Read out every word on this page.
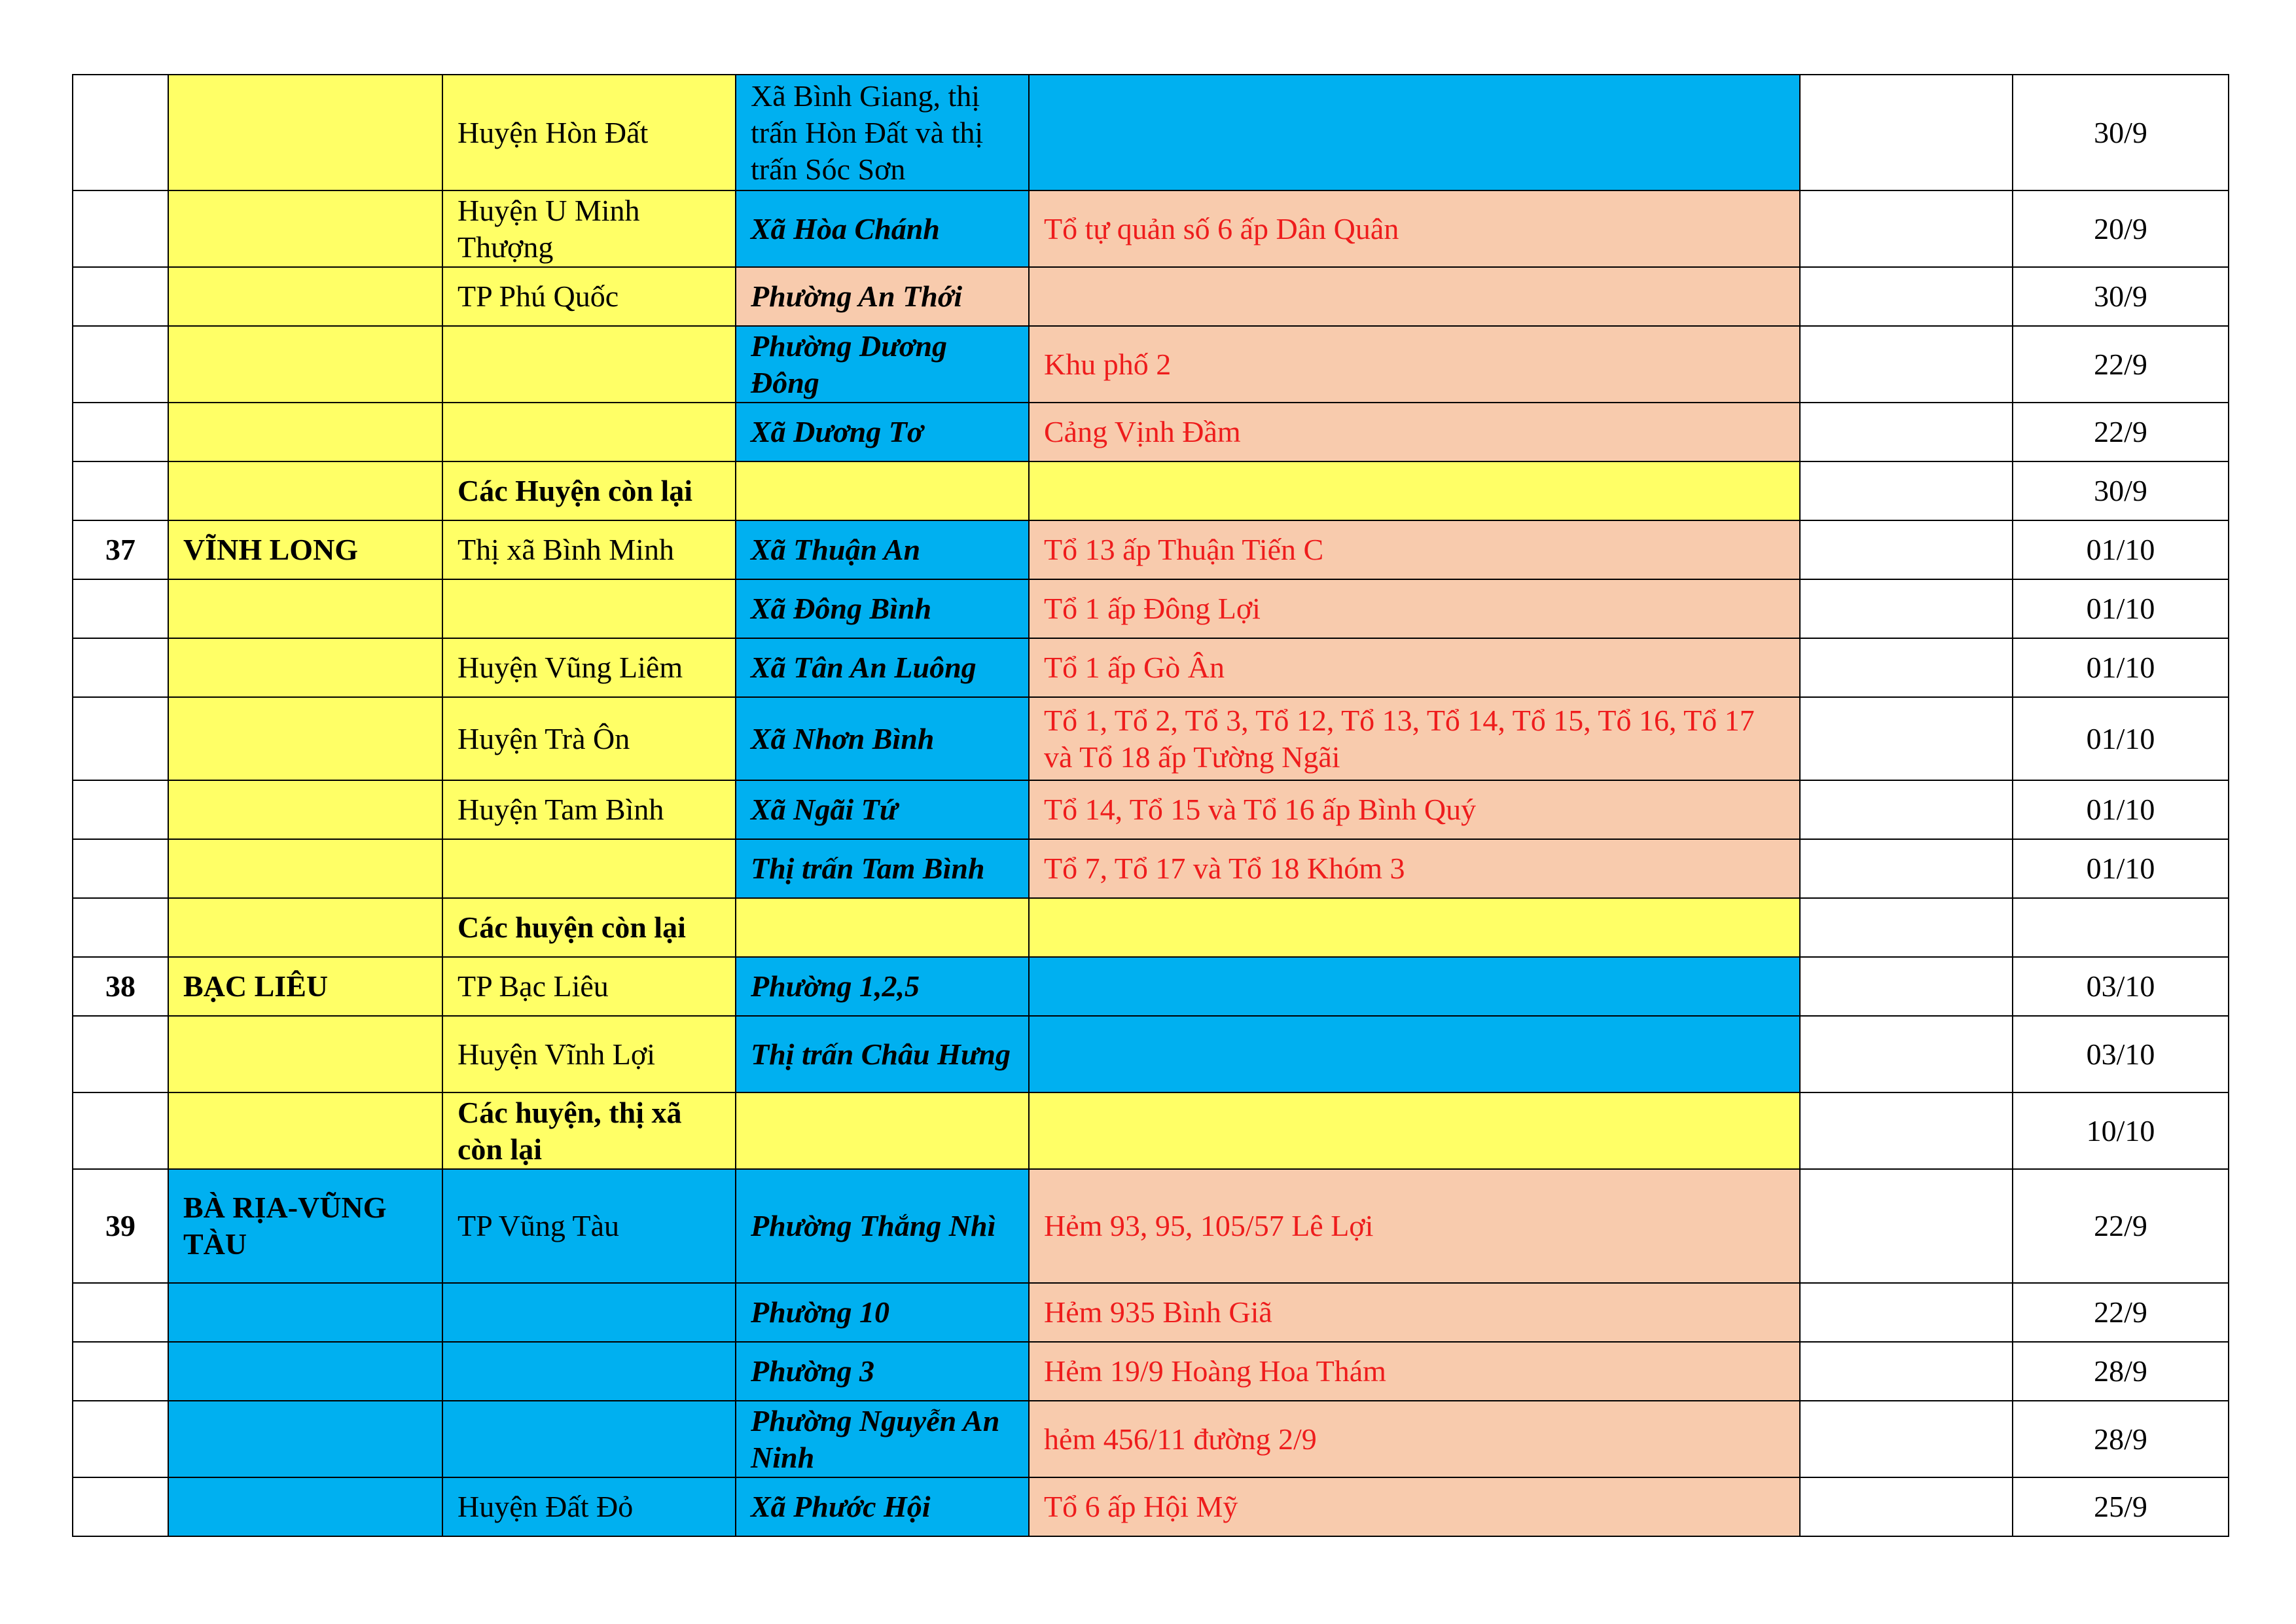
		Huyện Hòn Đất	Xã Bình Giang, thị trấn Hòn Đất và thị trấn Sóc Sơn			30/9
		Huyện U Minh Thượng	Xã Hòa Chánh	Tổ tự quản số 6 ấp Dân Quân		20/9
		TP Phú Quốc	Phường An Thới			30/9
			Phường Dương Đông	Khu phố 2		22/9
			Xã Dương Tơ	Cảng Vịnh Đầm		22/9
		Các Huyện còn lại				30/9
37	VĨNH LONG	Thị xã Bình Minh	Xã Thuận An	Tổ 13 ấp Thuận Tiến C		01/10
			Xã Đông Bình	Tổ 1 ấp Đông Lợi		01/10
		Huyện Vũng Liêm	Xã Tân An Luông	Tổ 1 ấp Gò Ân		01/10
		Huyện Trà Ôn	Xã Nhơn Bình	Tổ 1, Tổ 2, Tổ 3, Tổ 12, Tổ 13, Tổ 14, Tổ 15, Tổ 16, Tổ 17 và Tổ 18 ấp Tường Ngãi		01/10
		Huyện Tam Bình	Xã Ngãi Tứ	Tổ 14, Tổ 15 và Tổ 16 ấp Bình Quý		01/10
			Thị trấn Tam Bình	Tổ 7, Tổ 17 và Tổ 18 Khóm 3		01/10
		Các huyện còn lại				
38	BẠC LIÊU	TP Bạc Liêu	Phường 1,2,5			03/10
		Huyện Vĩnh Lợi	Thị trấn Châu Hưng			03/10
		Các huyện, thị xã còn lại				10/10
39	BÀ RỊA-VŨNG TÀU	TP Vũng Tàu	Phường Thắng Nhì	Hẻm 93, 95, 105/57 Lê Lợi		22/9
			Phường 10	Hẻm 935 Bình Giã		22/9
			Phường 3	Hẻm 19/9 Hoàng Hoa Thám		28/9
			Phường Nguyễn An Ninh	hẻm 456/11 đường 2/9		28/9
		Huyện Đất Đỏ	Xã Phước Hội	Tổ 6 ấp Hội Mỹ		25/9
